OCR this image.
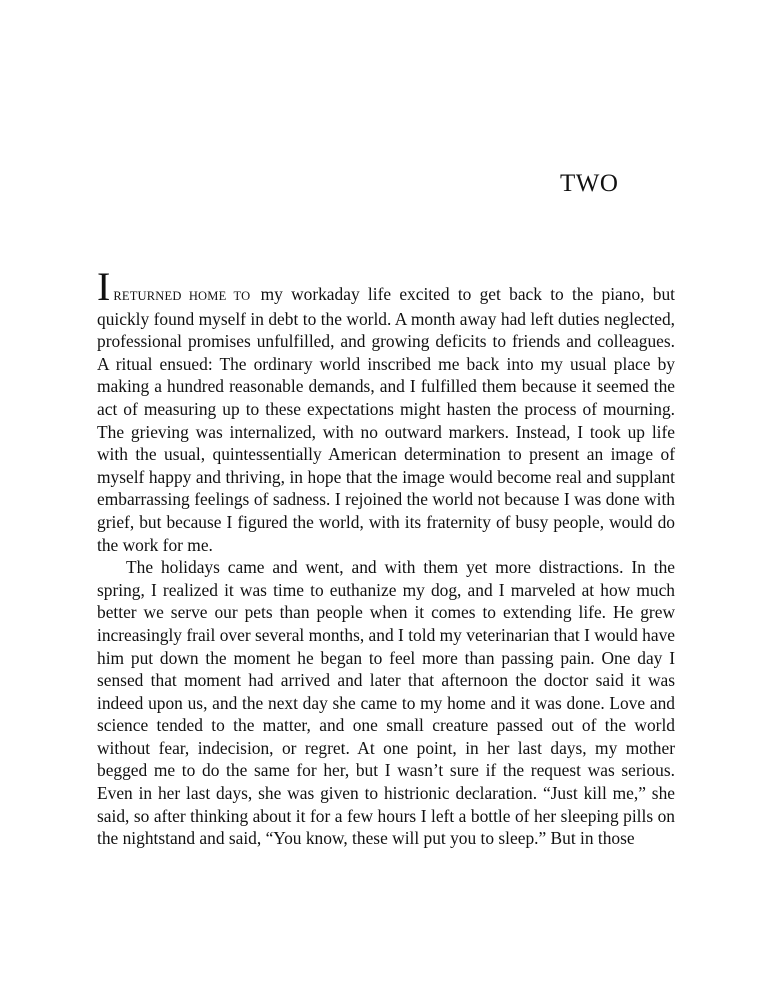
TWO

IRETURNED HOME TO my workaday life excited to get back to the piano, but quickly found myself in debt to the world. A month away had left duties neglected, professional promises unfulfilled, and growing deficits to friends and colleagues. A ritual ensued: The ordinary world inscribed me back into my usual place by making a hundred reasonable demands, and I fulfilled them because it seemed the act of measuring up to these expectations might hasten the process of mourning. The grieving was internalized, with no outward markers. Instead, I took up life with the usual, quintessentially American determination to present an image of myself happy and thriving, in hope that the image would become real and supplant embarrassing feelings of sadness. I rejoined the world not because I was done with grief, but because I figured the world, with its fraternity of busy people, would do the work for me.

The holidays came and went, and with them yet more distractions. In the spring, I realized it was time to euthanize my dog, and I marveled at how much better we serve our pets than people when it comes to extending life. He grew increasingly frail over several months, and I told my veterinarian that I would have him put down the moment he began to feel more than passing pain. One day I sensed that moment had arrived and later that afternoon the doctor said it was indeed upon us, and the next day she came to my home and it was done. Love and science tended to the matter, and one small creature passed out of the world without fear, indecision, or regret. At one point, in her last days, my mother begged me to do the same for her, but I wasn’t sure if the request was serious. Even in her last days, she was given to histrionic declaration. “Just kill me,” she said, so after thinking about it for a few hours I left a bottle of her sleeping pills on the nightstand and said, “You know, these will put you to sleep.” But in those
